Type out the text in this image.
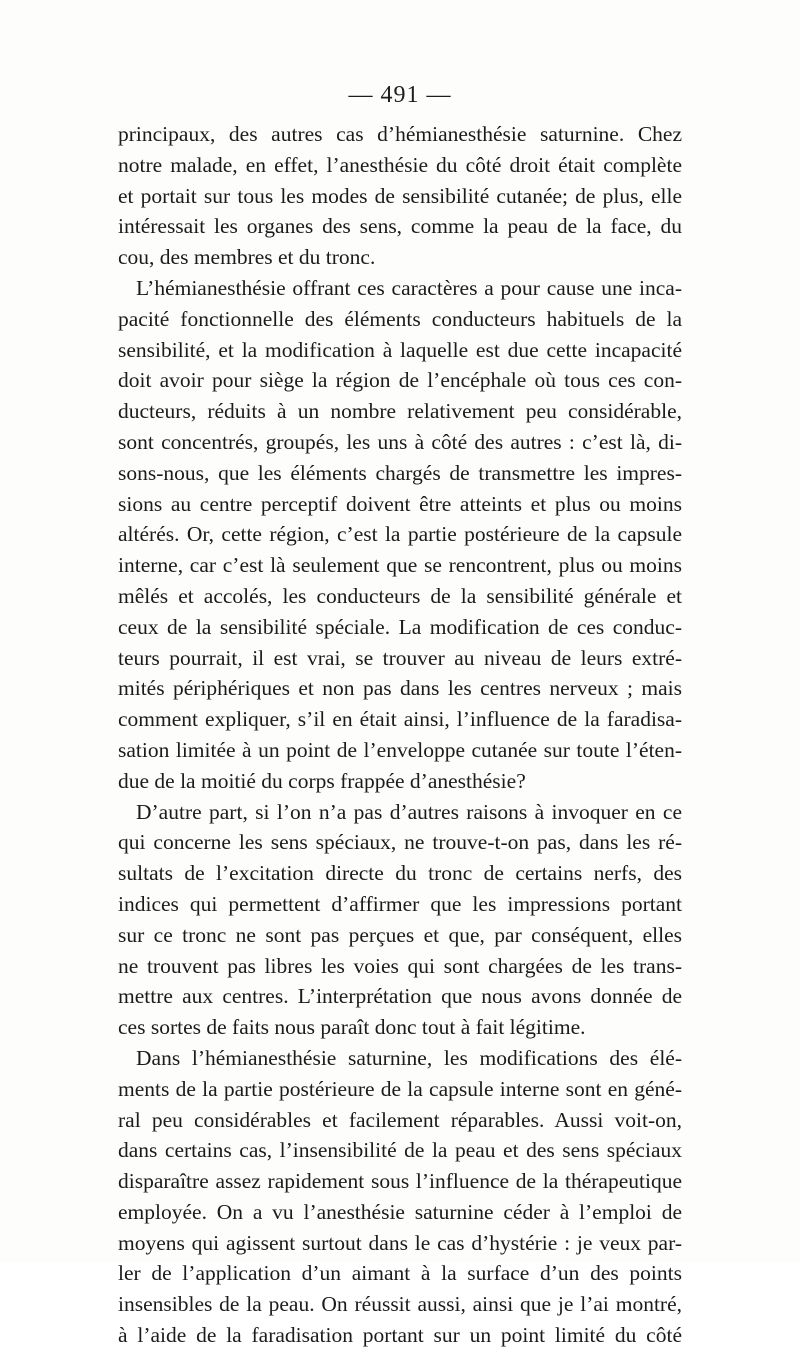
— 491 —
principaux, des autres cas d’hémianesthésie saturnine. Chez
notre malade, en effet, l’anesthésie du côté droit était complète
et portait sur tous les modes de sensibilité cutanée; de plus, elle
intéressait les organes des sens, comme la peau de la face, du
cou, des membres et du tronc.
L’hémianesthésie offrant ces caractères a pour cause une inca-
pacité fonctionnelle des éléments conducteurs habituels de la
sensibilité, et la modification à laquelle est due cette incapacité
doit avoir pour siège la région de l’encéphale où tous ces con-
ducteurs, réduits à un nombre relativement peu considérable,
sont concentrés, groupés, les uns à côté des autres : c’est là, di-
sons-nous, que les éléments chargés de transmettre les impres-
sions au centre perceptif doivent être atteints et plus ou moins
altérés. Or, cette région, c’est la partie postérieure de la capsule
interne, car c’est là seulement que se rencontrent, plus ou moins
mêlés et accolés, les conducteurs de la sensibilité générale et
ceux de la sensibilité spéciale. La modification de ces conduc-
teurs pourrait, il est vrai, se trouver au niveau de leurs extré-
mités périphériques et non pas dans les centres nerveux ; mais
comment expliquer, s’il en était ainsi, l’influence de la faradisa-
sation limitée à un point de l’enveloppe cutanée sur toute l’éten-
due de la moitié du corps frappée d’anesthésie?
D’autre part, si l’on n’a pas d’autres raisons à invoquer en ce
qui concerne les sens spéciaux, ne trouve-t-on pas, dans les ré-
sultats de l’excitation directe du tronc de certains nerfs, des
indices qui permettent d’affirmer que les impressions portant
sur ce tronc ne sont pas perçues et que, par conséquent, elles
ne trouvent pas libres les voies qui sont chargées de les trans-
mettre aux centres. L’interprétation que nous avons donnée de
ces sortes de faits nous paraît donc tout à fait légitime.
Dans l’hémianesthésie saturnine, les modifications des élé-
ments de la partie postérieure de la capsule interne sont en géné-
ral peu considérables et facilement réparables. Aussi voit-on,
dans certains cas, l’insensibilité de la peau et des sens spéciaux
disparaître assez rapidement sous l’influence de la thérapeutique
employée. On a vu l’anesthésie saturnine céder à l’emploi de
moyens qui agissent surtout dans le cas d’hystérie : je veux par-
ler de l’application d’un aimant à la surface d’un des points
insensibles de la peau. On réussit aussi, ainsi que je l’ai montré,
à l’aide de la faradisation portant sur un point limité du côté
